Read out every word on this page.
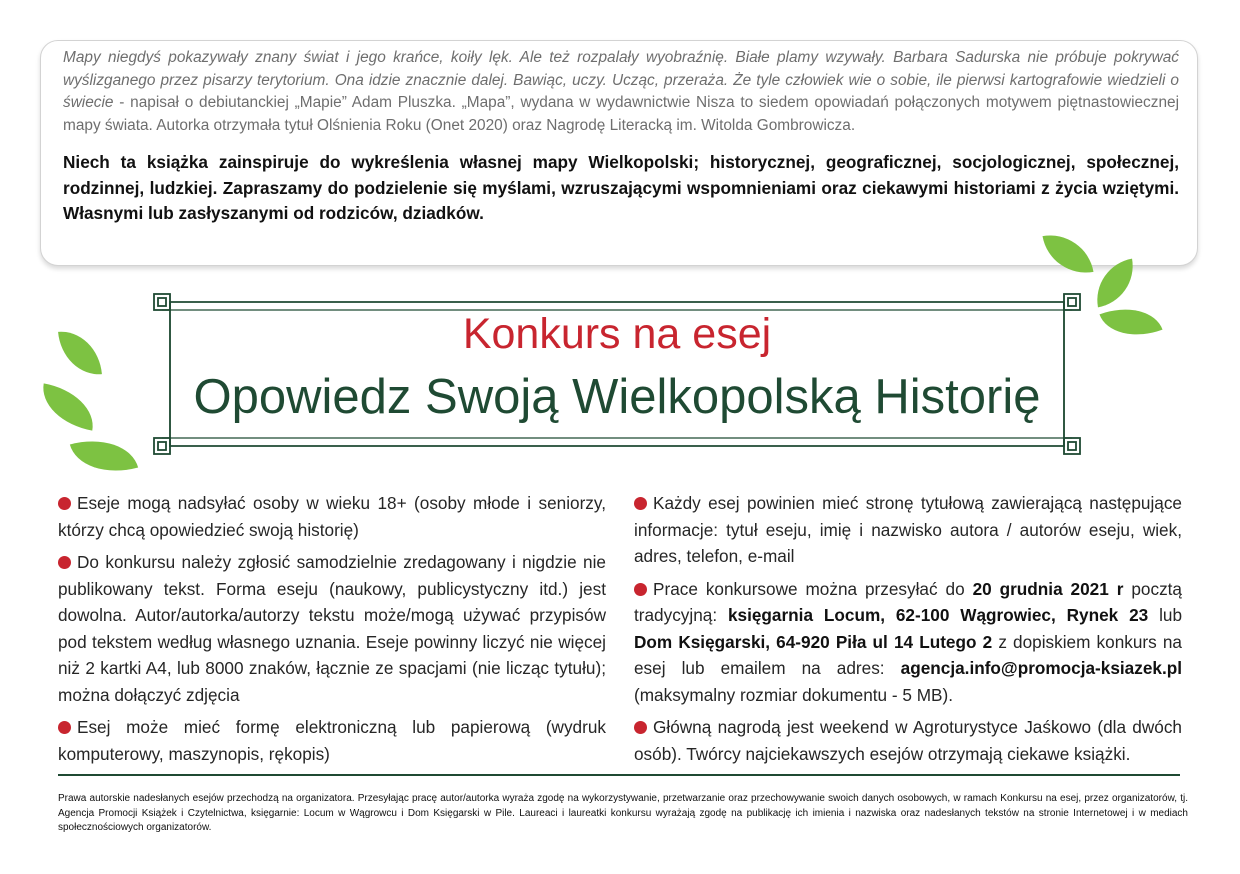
Mapy niegdyś pokazywały znany świat i jego krańce, koiły lęk. Ale też rozpalały wyobraźnię. Białe plamy wzywały. Barbara Sadurska nie próbuje pokrywać wyślizganego przez pisarzy terytorium. Ona idzie znacznie dalej. Bawiąc, uczy. Ucząc, przeraża. Że tyle człowiek wie o sobie, ile pierwsi kartografowie wiedzieli o świecie - napisał o debiutanckiej „Mapie” Adam Pluszka. „Mapa”, wydana w wydawnictwie Nisza to siedem opowiadań połączonych motywem piętnastowiecznej mapy świata. Autorka otrzymała tytuł Olśnienia Roku (Onet 2020) oraz Nagrodę Literacką im. Witolda Gombrowicza.

Niech ta książka zainspiruje do wykreślenia własnej mapy Wielkopolski; historycznej, geograficznej, socjologicznej, społecznej, rodzinnej, ludzkiej. Zapraszamy do podzielenie się myślami, wzruszającymi wspomnieniami oraz ciekawymi historiami z życia wziętymi. Własnymi lub zasłyszanymi od rodziców, dziadków.

Konkurs na esej
Opowiedz Swoją Wielkopolską Historię
Eseje mogą nadsyłać osoby w wieku 18+ (osoby młode i seniorzy, którzy chcą opowiedzieć swoją historię)
Do konkursu należy zgłosić samodzielnie zredagowany i nigdzie nie publikowany tekst. Forma eseju (naukowy, publicystyczny itd.) jest dowolna. Autor/autorka/autorzy tekstu może/mogą używać przypisów pod tekstem według własnego uznania. Eseje powinny liczyć nie więcej niż 2 kartki A4, lub 8000 znaków, łącznie ze spacjami (nie licząc tytułu); można dołączyć zdjęcia
Esej może mieć formę elektroniczną lub papierową (wydruk komputerowy, maszynopis, rękopis)
Każdy esej powinien mieć stronę tytułową zawierającą następujące informacje: tytuł eseju, imię i nazwisko autora / autorów eseju, wiek, adres, telefon, e-mail
Prace konkursowe można przesyłać do 20 grudnia 2021 r pocztą tradycyjną: księgarnia Locum, 62-100 Wągrowiec, Rynek 23 lub Dom Księgarski, 64-920 Piła ul 14 Lutego 2 z dopiskiem konkurs na esej lub emailem na adres: agencja.info@promocja-ksiazek.pl (maksymalny rozmiar dokumentu - 5 MB).
Główną nagrodą jest weekend w Agroturystyce Jaśkowo (dla dwóch osób). Twórcy najciekawszych esejów otrzymają ciekawe książki.

Prawa autorskie nadesłanych esejów przechodzą na organizatora. Przesyłając pracę autor/autorka wyraża zgodę na wykorzystywanie, przetwarzanie oraz przechowywanie swoich danych osobowych, w ramach Konkursu na esej, przez organizatorów, tj. Agencja Promocji Książek i Czytelnictwa, księgarnie: Locum w Wągrowcu i Dom Księgarski w Pile. Laureaci i laureatki konkursu wyrażają zgodę na publikację ich imienia i nazwiska oraz nadesłanych tekstów na stronie Internetowej i w mediach społecznościowych organizatorów.
